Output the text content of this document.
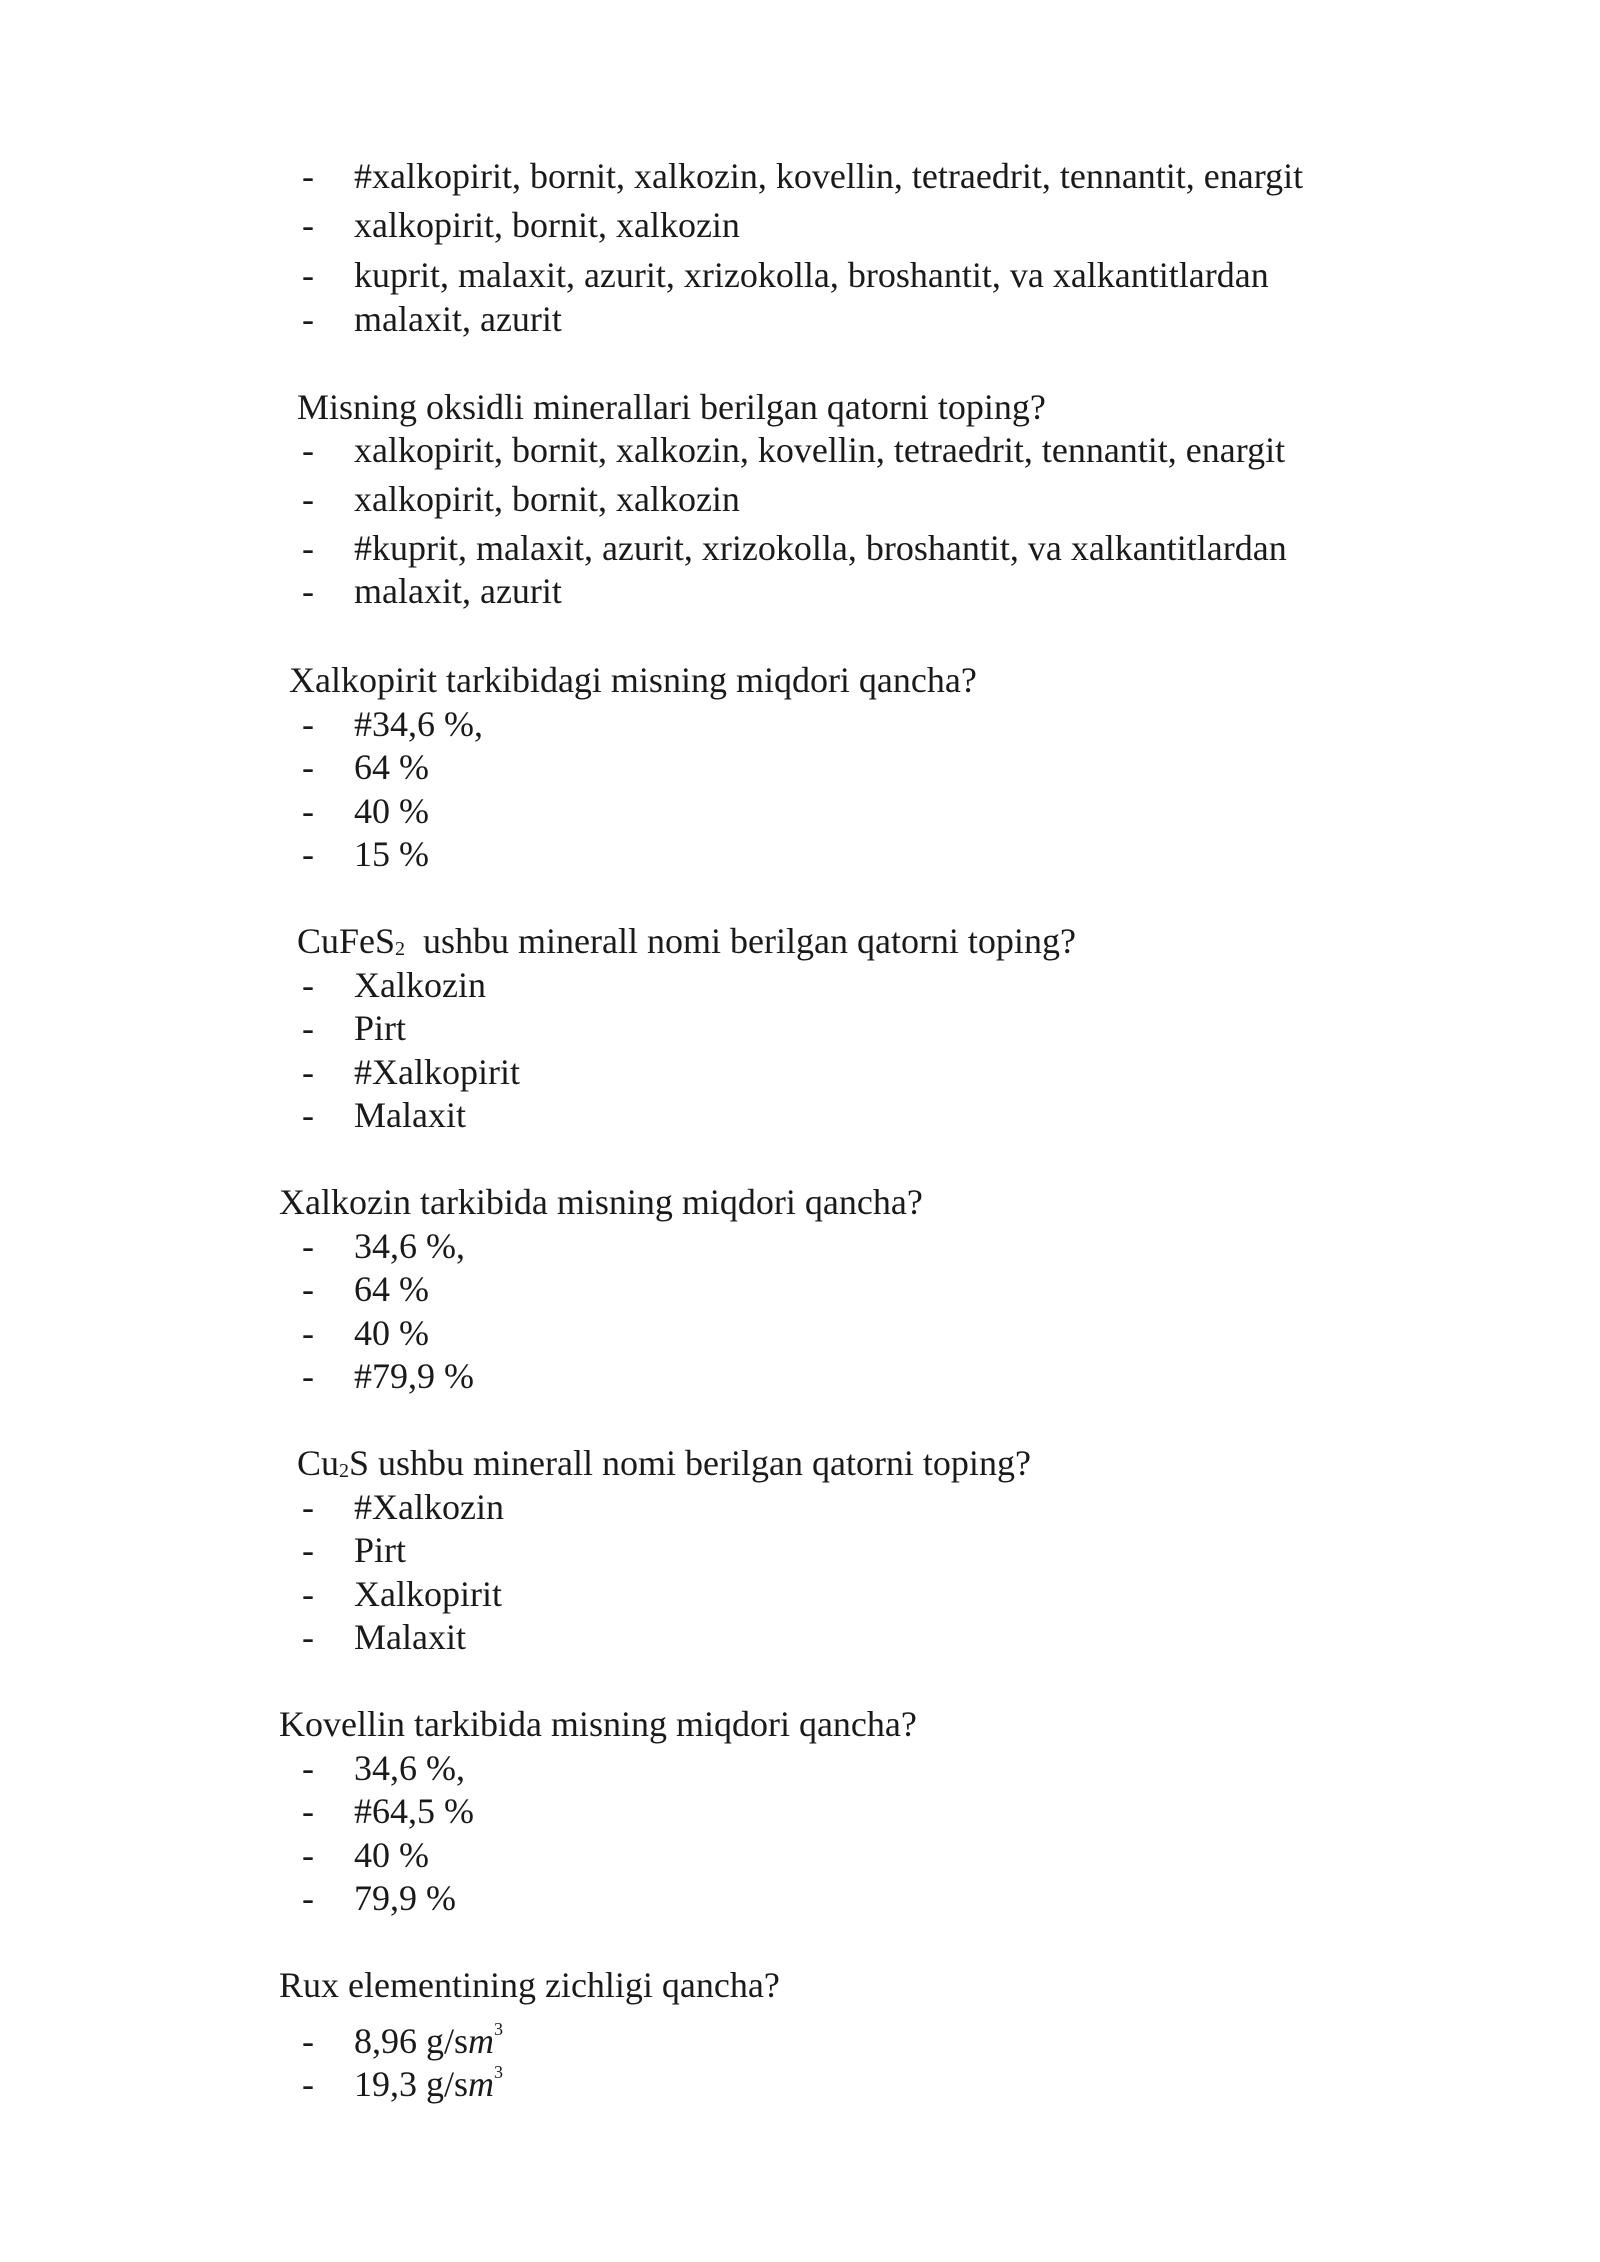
- #xalkopirit, bornit, xalkozin, kovellin, tetraedrit, tennantit, enargit
- xalkopirit, bornit, xalkozin
- kuprit, malaxit, azurit, xrizokolla, broshantit, va xalkantitlardan
- malaxit, azurit
Misning oksidli minerallari berilgan qatorni toping?
- xalkopirit, bornit, xalkozin, kovellin, tetraedrit, tennantit, enargit
- xalkopirit, bornit, xalkozin
- #kuprit, malaxit, azurit, xrizokolla, broshantit, va xalkantitlardan
- malaxit, azurit
Xalkopirit tarkibidagi misning miqdori qancha?
- #34,6 %,
- 64 %
- 40 %
- 15 %
CuFeS$_2$ ushbu minerall nomi berilgan qatorni toping?
- Xalkozin
- Pirt
- #Xalkopirit
- Malaxit
Xalkozin tarkibida misning miqdori qancha?
- 34,6 %,
- 64 %
- 40 %
- #79,9 %
$Cu_2S$ ushbu minerall nomi berilgan qatorni toping?
- #Xalkozin
- Pirt
- Xalkopirit
- Malaxit
Kovellin tarkibida misning miqdori qancha?
- 34,6 %,
- #64,5 %
- 40 %
- 79,9 %
Rux elementining zichligi qancha?
- 8,96 $g/sm^3$
- 19,3 $g/sm^3$
